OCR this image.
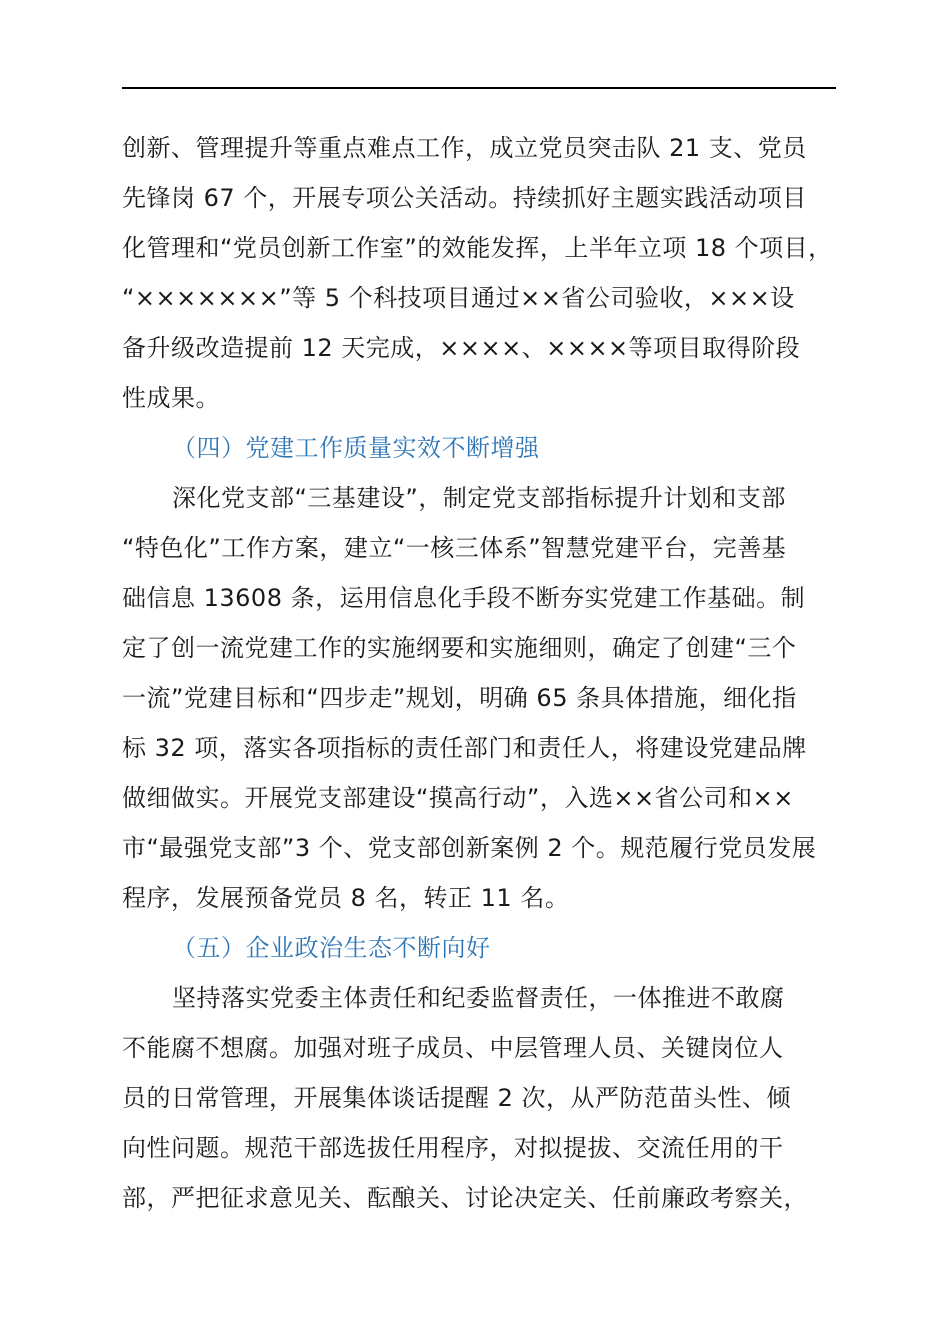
创新、管理提升等重点难点工作，成立党员突击队 21 支、党员
先锋岗 67 个，开展专项公关活动。持续抓好主题实践活动项目
化管理和“党员创新工作室”的效能发挥，上半年立项 18 个项目，
“×××××××”等 5 个科技项目通过××省公司验收，×××设
备升级改造提前 12 天完成，××××、××××等项目取得阶段
性成果。
（四）党建工作质量实效不断增强
深化党支部“三基建设”，制定党支部指标提升计划和支部
“特色化”工作方案，建立“一核三体系”智慧党建平台，完善基
础信息 13608 条，运用信息化手段不断夯实党建工作基础。制
定了创一流党建工作的实施纲要和实施细则，确定了创建“三个
一流”党建目标和“四步走”规划，明确 65 条具体措施，细化指
标 32 项，落实各项指标的责任部门和责任人，将建设党建品牌
做细做实。开展党支部建设“摸高行动”，入选××省公司和××
市“最强党支部”3 个、党支部创新案例 2 个。规范履行党员发展
程序，发展预备党员 8 名，转正 11 名。
（五）企业政治生态不断向好
坚持落实党委主体责任和纪委监督责任，一体推进不敢腐
不能腐不想腐。加强对班子成员、中层管理人员、关键岗位人
员的日常管理，开展集体谈话提醒 2 次，从严防范苗头性、倾
向性问题。规范干部选拔任用程序，对拟提拔、交流任用的干
部，严把征求意见关、酝酿关、讨论决定关、任前廉政考察关，
